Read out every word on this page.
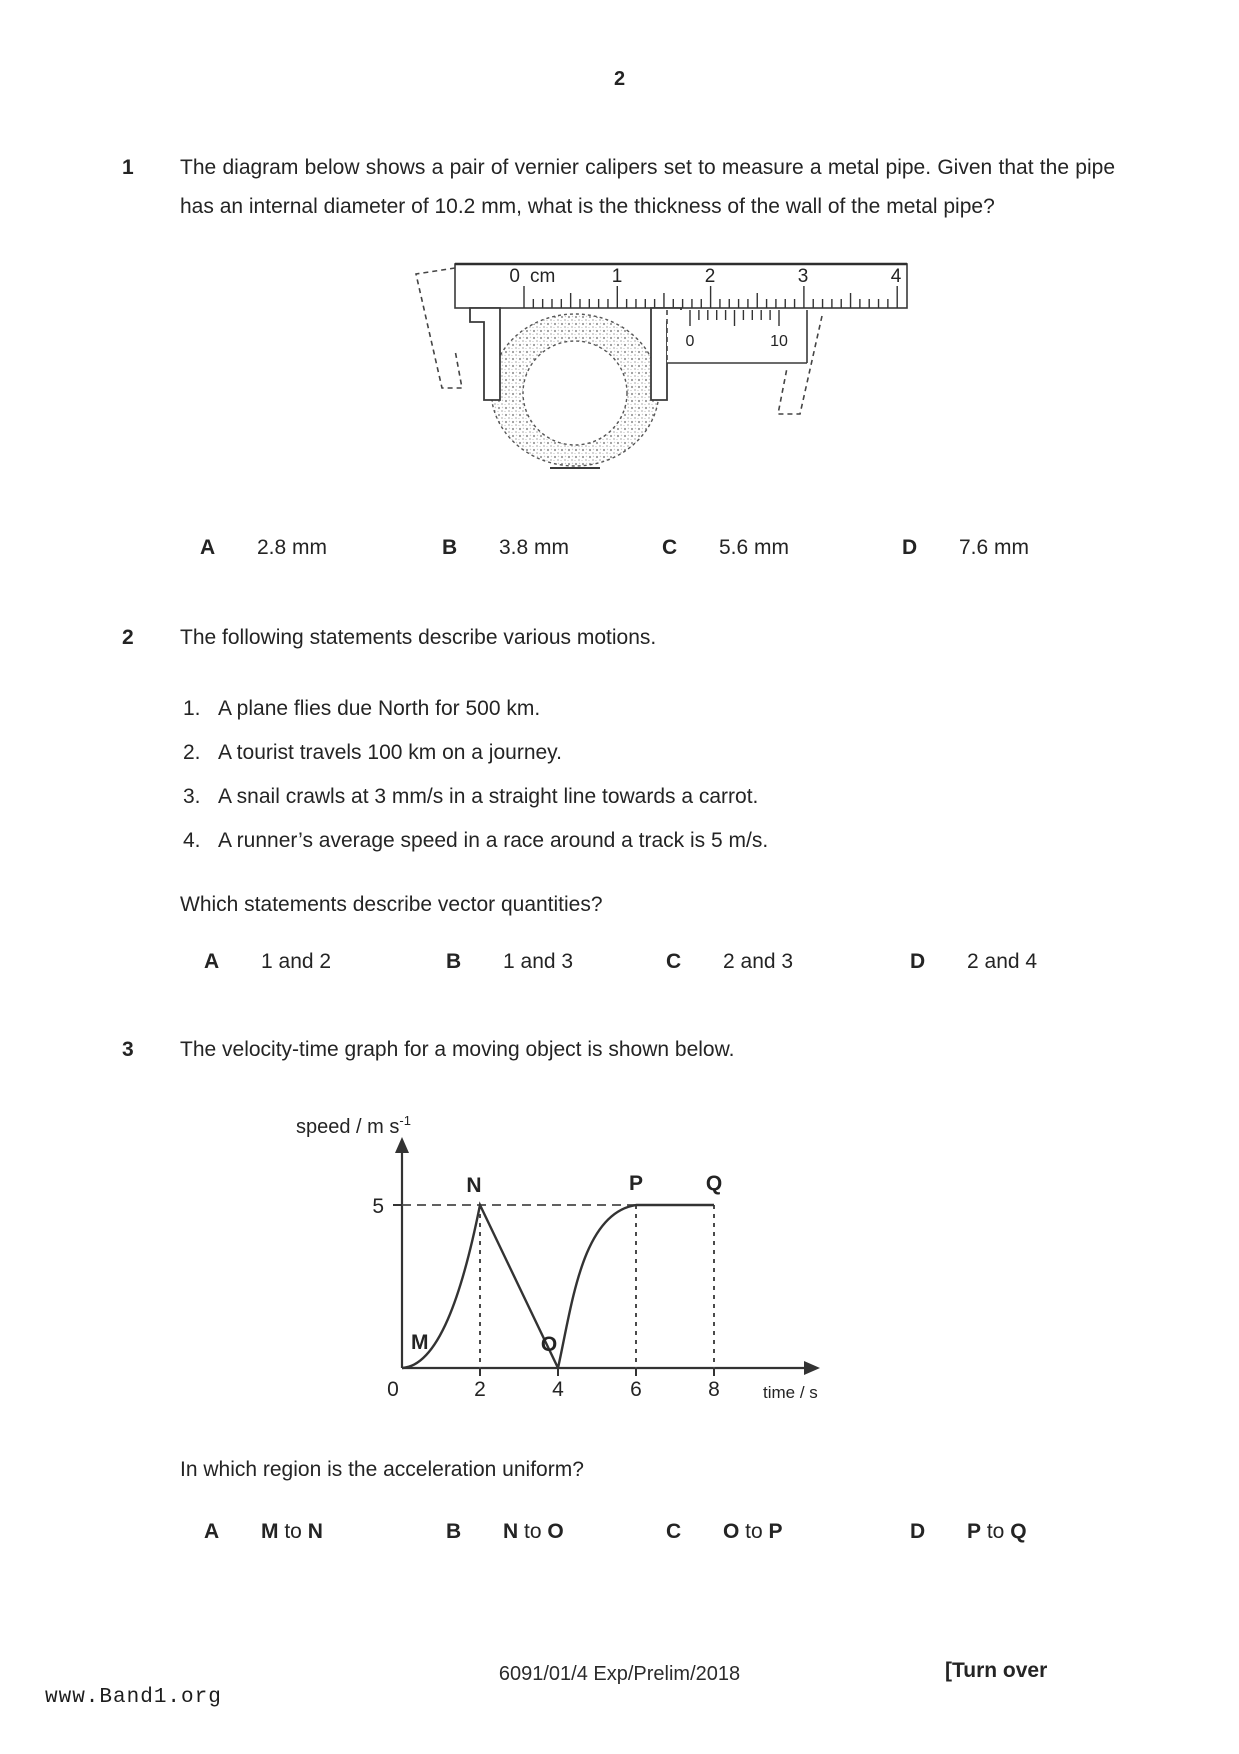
2
1 The diagram below shows a pair of vernier calipers set to measure a metal pipe. Given that the pipe has an internal diameter of 10.2 mm, what is the thickness of the wall of the metal pipe?
0 cm	1	2	3	4
0	10
A	2.8 mm	B	3.8 mm	C	5.6 mm	D	7.6 mm
2 The following statements describe various motions.
1. A plane flies due North for 500 km.
2. A tourist travels 100 km on a journey.
3. A snail crawls at 3 mm/s in a straight line towards a carrot.
4. A runner’s average speed in a race around a track is 5 m/s.
Which statements describe vector quantities?
A	1 and 2	B	1 and 3	C	2 and 3	D	2 and 4
3 The velocity-time graph for a moving object is shown below.
speed / m $s^{-1}$
M
N
O
P	Q
5
0	2	4	6	8	time / s
In which region is the acceleration uniform?
A	M to N	B	N to O	C	O to P	D	P to Q
6091/01/4 Exp/Prelim/2018	[Turn over
www.Band1.org
